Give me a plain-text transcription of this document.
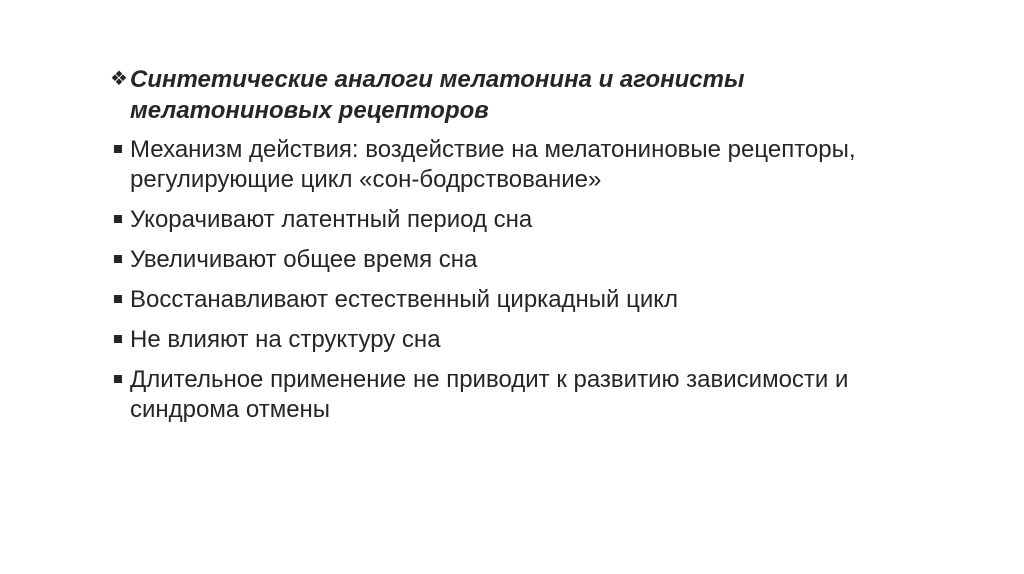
❖ Синтетические аналоги мелатонина и агонисты мелатониновых рецепторов
Механизм действия: воздействие на мелатониновые рецепторы, регулирующие цикл «сон-бодрствование»
Укорачивают латентный период сна
Увеличивают общее время сна
Восстанавливают естественный циркадный цикл
Не влияют на структуру сна
Длительное применение не приводит к развитию зависимости и синдрома отмены
